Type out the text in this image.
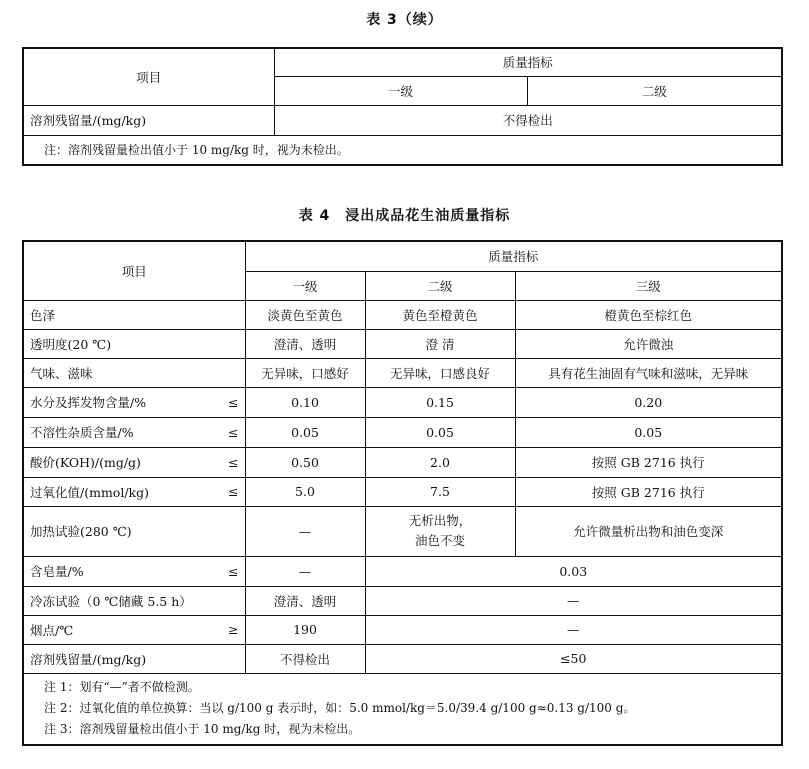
表 3（续）
项目	质量指标	
	一级	二级
溶剂残留量/(mg/kg)	不得检出	
注：溶剂残留量检出值小于 10 mg/kg 时，视为未检出。		
表 4　浸出成品花生油质量指标
项目	质量指标		
	一级	二级	三级

色泽	淡黄色至黄色	黄色至橙黄色	橙黄色至棕红色

透明度(20 ℃)	澄清、透明	澄 清	允许微浊

气味、滋味	无异味，口感好	无异味，口感良好	具有花生油固有气味和滋味，无异味

水分及挥发物含量/% ≤	0.10	0.15	0.20

不溶性杂质含量/% ≤	0.05	0.05	0.05

酸价(KOH)/(mg/g) ≤	0.50	2.0	按照 GB 2716 执行

过氧化值/(mmol/kg) ≤	5.0	7.5	按照 GB 2716 执行

加热试验(280 ℃)	—	无析出物，
油色不变	允许微量析出物和油色变深

含皂量/% ≤	—	0.03	

冷冻试验（0 ℃储藏 5.5 h）	澄清、透明	—	

烟点/℃ ≥	190	—	

溶剂残留量/(mg/kg)	不得检出	≤50	

注 1：划有“—”者不做检测。
注 2：过氧化值的单位换算：当以 g/100 g 表示时，如：5.0 mmol/kg＝5.0/39.4 g/100 g≈0.13 g/100 g。
注 3：溶剂残留量检出值小于 10 mg/kg 时，视为未检出。			
